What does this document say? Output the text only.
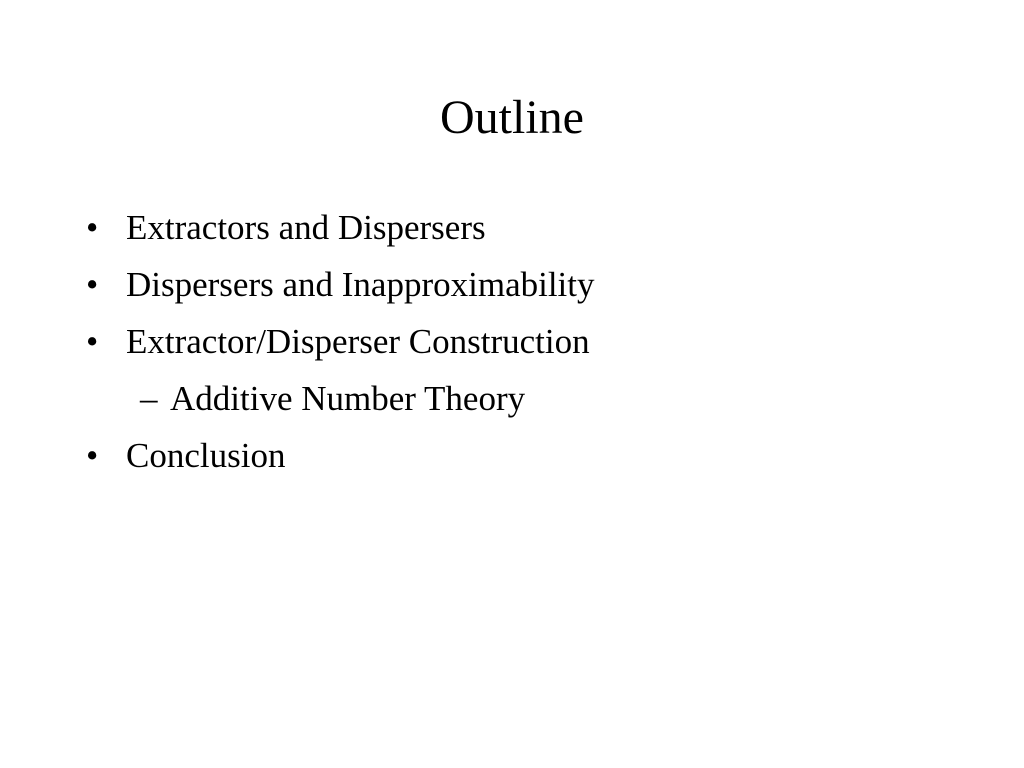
Outline
• Extractors and Dispersers
• Dispersers and Inapproximability
• Extractor/Disperser Construction
– Additive Number Theory
• Conclusion
